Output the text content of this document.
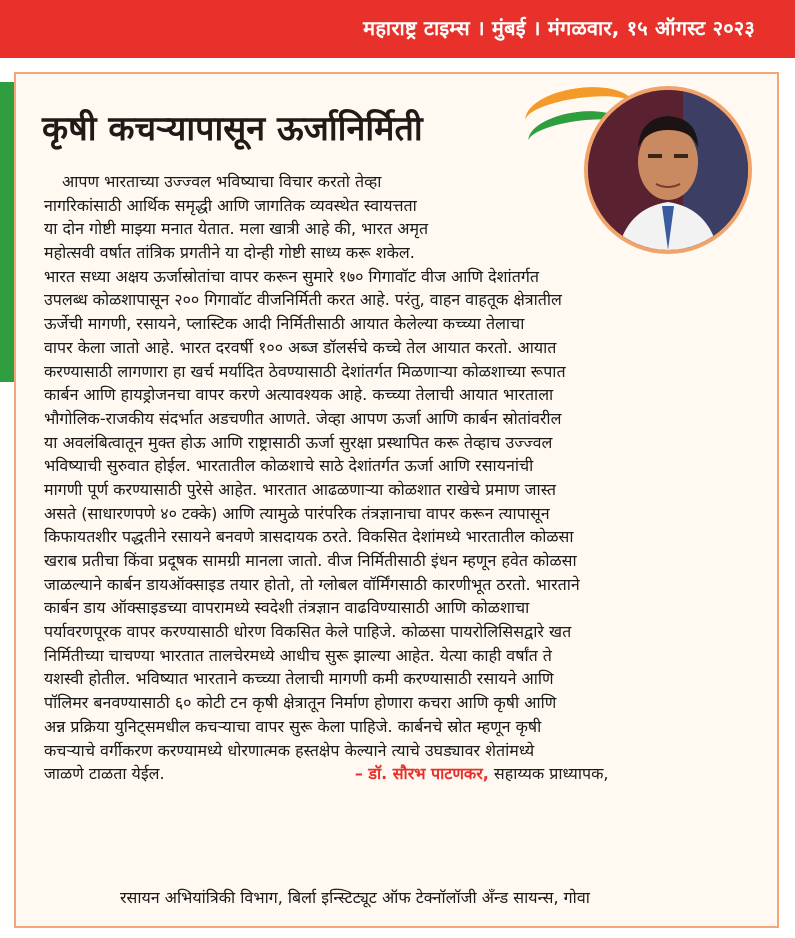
महाराष्ट्र टाइम्स । मुंबई । मंगळवार, १५ ऑगस्ट २०२३
कृषी कचऱ्यापासून ऊर्जानिर्मिती
आपण भारताच्या उज्ज्वल भविष्याचा विचार करतो तेव्हा
नागरिकांसाठी आर्थिक समृद्धी आणि जागतिक व्यवस्थेत स्वायत्तता
या दोन गोष्टी माझ्या मनात येतात. मला खात्री आहे की, भारत अमृत
महोत्सवी वर्षात तांत्रिक प्रगतीने या दोन्ही गोष्टी साध्य करू शकेल.
भारत सध्या अक्षय ऊर्जास्रोतांचा वापर करून सुमारे १७० गिगावॉट वीज आणि देशांतर्गत
उपलब्ध कोळशापासून २०० गिगावॉट वीजनिर्मिती करत आहे. परंतु, वाहन वाहतूक क्षेत्रातील
ऊर्जेची मागणी, रसायने, प्लास्टिक आदी निर्मितीसाठी आयात केलेल्या कच्च्या तेलाचा
वापर केला जातो आहे. भारत दरवर्षी १०० अब्ज डॉलर्सचे कच्चे तेल आयात करतो. आयात
करण्यासाठी लागणारा हा खर्च मर्यादित ठेवण्यासाठी देशांतर्गत मिळणाऱ्या कोळशाच्या रूपात
कार्बन आणि हायड्रोजनचा वापर करणे अत्यावश्यक आहे. कच्च्या तेलाची आयात भारताला
भौगोलिक-राजकीय संदर्भात अडचणीत आणते. जेव्हा आपण ऊर्जा आणि कार्बन स्रोतांवरील
या अवलंबित्वातून मुक्त होऊ आणि राष्ट्रासाठी ऊर्जा सुरक्षा प्रस्थापित करू तेव्हाच उज्ज्वल
भविष्याची सुरुवात होईल. भारतातील कोळशाचे साठे देशांतर्गत ऊर्जा आणि रसायनांची
मागणी पूर्ण करण्यासाठी पुरेसे आहेत. भारतात आढळणाऱ्या कोळशात राखेचे प्रमाण जास्त
असते (साधारणपणे ४० टक्के) आणि त्यामुळे पारंपरिक तंत्रज्ञानाचा वापर करून त्यापासून
किफायतशीर पद्धतीने रसायने बनवणे त्रासदायक ठरते. विकसित देशांमध्ये भारतातील कोळसा
खराब प्रतीचा किंवा प्रदूषक सामग्री मानला जातो. वीज निर्मितीसाठी इंधन म्हणून हवेत कोळसा
जाळल्याने कार्बन डायऑक्साइड तयार होतो, तो ग्लोबल वॉर्मिंगसाठी कारणीभूत ठरतो. भारताने
कार्बन डाय ऑक्साइडच्या वापरामध्ये स्वदेशी तंत्रज्ञान वाढविण्यासाठी आणि कोळशाचा
पर्यावरणपूरक वापर करण्यासाठी धोरण विकसित केले पाहिजे. कोळसा पायरोलिसिसद्वारे खत
निर्मितीच्या चाचण्या भारतात तालचेरमध्ये आधीच सुरू झाल्या आहेत. येत्या काही वर्षांत ते
यशस्वी होतील. भविष्यात भारताने कच्च्या तेलाची मागणी कमी करण्यासाठी रसायने आणि
पॉलिमर बनवण्यासाठी ६० कोटी टन कृषी क्षेत्रातून निर्माण होणारा कचरा आणि कृषी आणि
अन्न प्रक्रिया युनिट्समधील कचऱ्याचा वापर सुरू केला पाहिजे. कार्बनचे स्रोत म्हणून कृषी
कचऱ्याचे वर्गीकरण करण्यामध्ये धोरणात्मक हस्तक्षेप केल्याने त्याचे उघड्यावर शेतांमध्ये
जाळणे टाळता येईल.	– डॉ. सौरभ पाटणकर, सहाय्यक प्राध्यापक,
रसायन अभियांत्रिकी विभाग, बिर्ला इन्स्टिट्यूट ऑफ टेक्नॉलॉजी अँन्ड सायन्स, गोवा
